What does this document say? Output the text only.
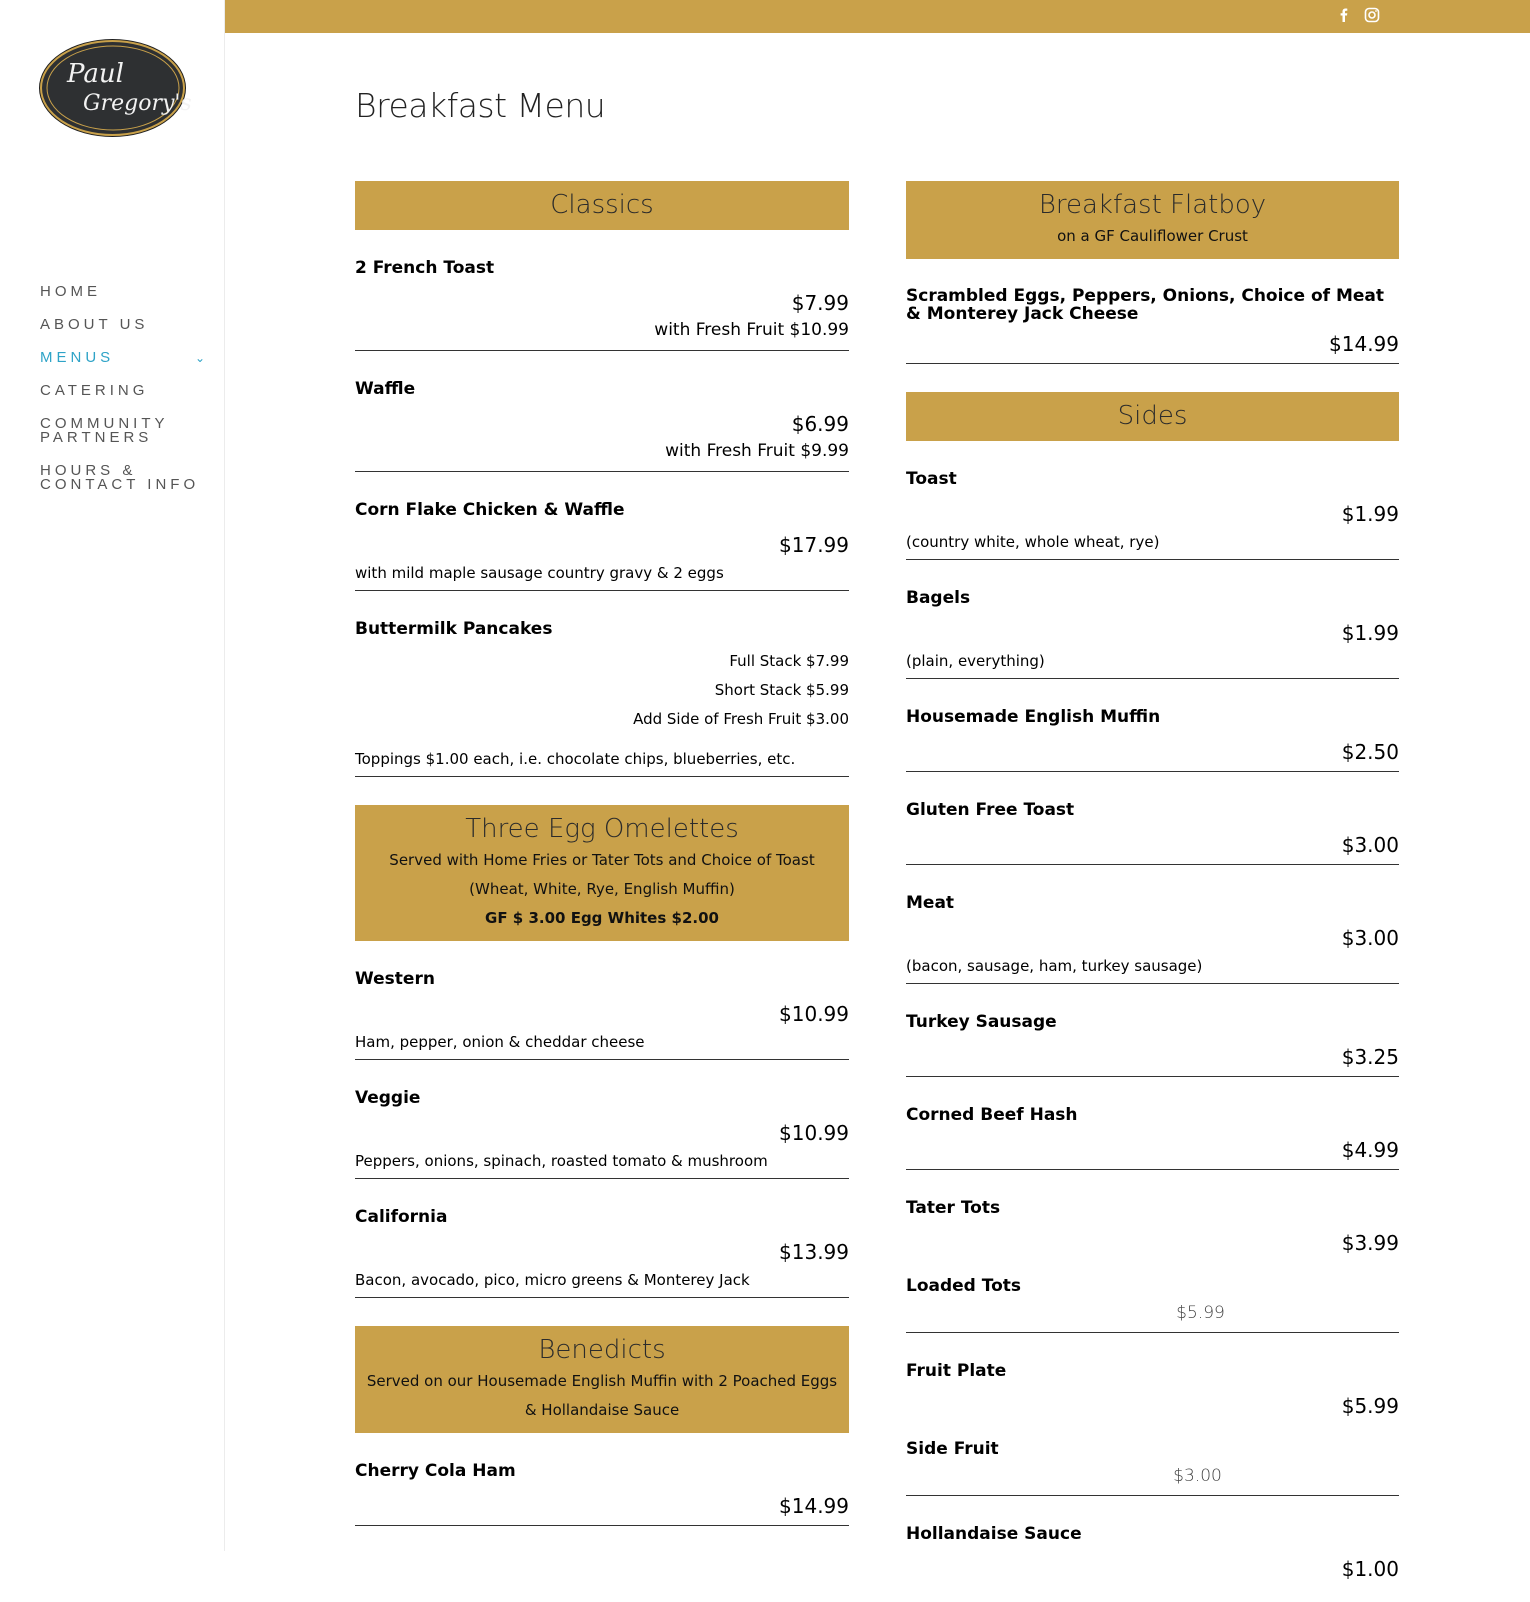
Paul
Gregory's
HOME
ABOUT US
MENUS	⌄
CATERING
COMMUNITY PARTNERS
HOURS & CONTACT INFO
Breakfast Menu
Classics
2 French Toast
$7.99
with Fresh Fruit $10.99
Waffle
$6.99
with Fresh Fruit $9.99
Corn Flake Chicken & Waffle
$17.99
with mild maple sausage country gravy & 2 eggs
Buttermilk Pancakes
Full Stack $7.99
Short Stack $5.99
Add Side of Fresh Fruit $3.00
Toppings $1.00 each, i.e. chocolate chips, blueberries, etc.
Three Egg Omelettes
Served with Home Fries or Tater Tots and Choice of Toast
(Wheat, White, Rye, English Muffin)
GF $ 3.00 Egg Whites $2.00
Western
$10.99
Ham, pepper, onion & cheddar cheese
Veggie
$10.99
Peppers, onions, spinach, roasted tomato & mushroom
California
$13.99
Bacon, avocado, pico, micro greens & Monterey Jack
Benedicts
Served on our Housemade English Muffin with 2 Poached Eggs
& Hollandaise Sauce
Cherry Cola Ham
$14.99
Breakfast Flatboy
on a GF Cauliflower Crust
Scrambled Eggs, Peppers, Onions, Choice of Meat & Monterey Jack Cheese
$14.99
Sides
Toast
$1.99
(country white, whole wheat, rye)
Bagels
$1.99
(plain, everything)
Housemade English Muffin
$2.50
Gluten Free Toast
$3.00
Meat
$3.00
(bacon, sausage, ham, turkey sausage)
Turkey Sausage
$3.25
Corned Beef Hash
$4.99
Tater Tots
$3.99
Loaded Tots
$5.99
Fruit Plate
$5.99
Side Fruit
$3.00
Hollandaise Sauce
$1.00
